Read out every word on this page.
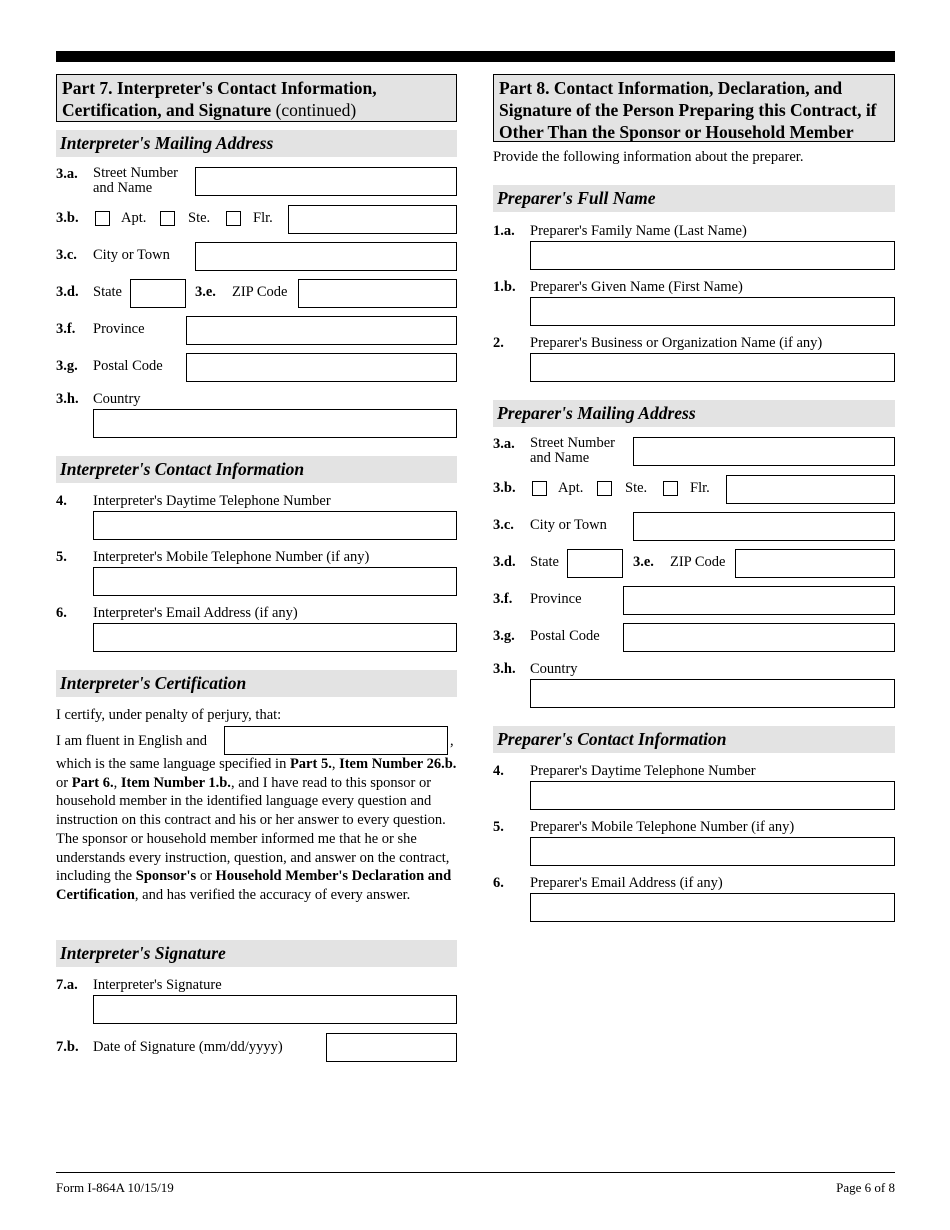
Part 7. Interpreter's Contact Information, Certification, and Signature (continued)
Interpreter's Mailing Address
3.a. Street Number
and Name
3.b.	Apt.	Ste.	Flr.
3.c. City or Town
3.d. State	3.e. ZIP Code
3.f. Province
3.g. Postal Code
3.h. Country
Interpreter's Contact Information
4. Interpreter's Daytime Telephone Number
5. Interpreter's Mobile Telephone Number (if any)
6. Interpreter's Email Address (if any)
Interpreter's Certification
I certify, under penalty of perjury, that:
I am fluent in English and	,
which is the same language specified in Part 5., Item Number 26.b. or Part 6., Item Number 1.b., and I have read to this sponsor or household member in the identified language every question and instruction on this contract and his or her answer to every question. The sponsor or household member informed me that he or she understands every instruction, question, and answer on the contract, including the Sponsor's or Household Member's Declaration and Certification, and has verified the accuracy of every answer.
Interpreter's Signature
7.a. Interpreter's Signature
7.b. Date of Signature (mm/dd/yyyy)
Part 8. Contact Information, Declaration, and Signature of the Person Preparing this Contract, if Other Than the Sponsor or Household Member
Provide the following information about the preparer.
Preparer's Full Name
1.a. Preparer's Family Name (Last Name)
1.b. Preparer's Given Name (First Name)
2. Preparer's Business or Organization Name (if any)
Preparer's Mailing Address
3.a. Street Number
and Name
3.b.	Apt.	Ste.	Flr.
3.c. City or Town
3.d. State	3.e. ZIP Code
3.f. Province
3.g. Postal Code
3.h. Country
Preparer's Contact Information
4. Preparer's Daytime Telephone Number
5. Preparer's Mobile Telephone Number (if any)
6. Preparer's Email Address (if any)
Form I-864A 10/15/19	Page 6 of 8
